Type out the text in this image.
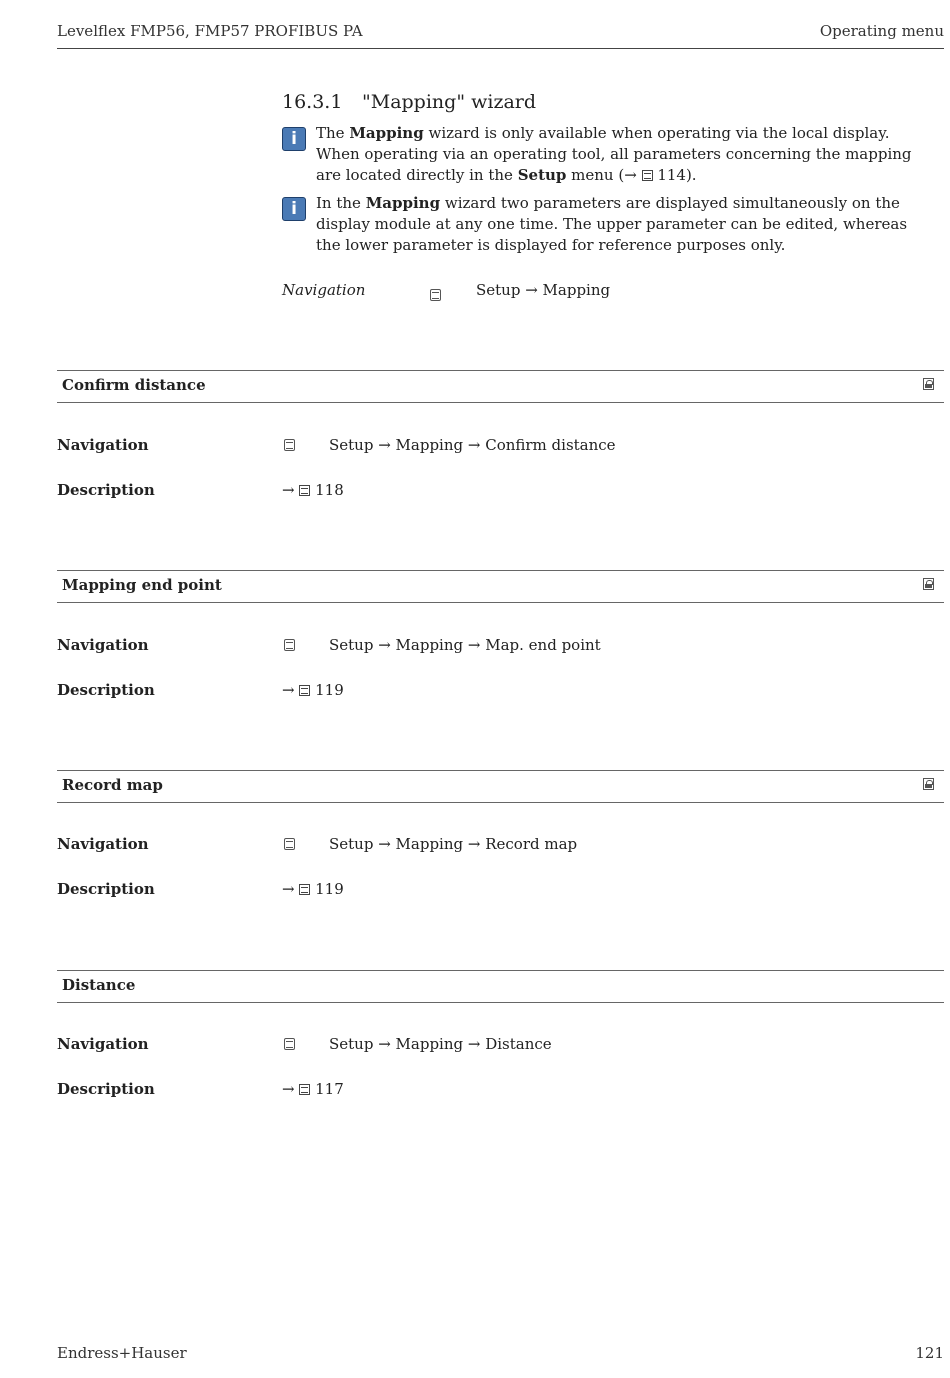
Levelflex FMP56, FMP57 PROFIBUS PA	Operating menu
16.3.1 "Mapping" wizard
i	The Mapping wizard is only available when operating via the local display. When operating via an operating tool, all parameters concerning the mapping are located directly in the Setup menu (→  114).
i	In the Mapping wizard two parameters are displayed simultaneously on the display module at any one time. The upper parameter can be edited, whereas the lower parameter is displayed for reference purposes only.
Navigation	Setup → Mapping
Confirm distance
Navigation	Setup → Mapping → Confirm distance
Description	→  118
Mapping end point
Navigation	Setup → Mapping → Map. end point
Description	→  119
Record map
Navigation	Setup → Mapping → Record map
Description	→  119
Distance
Navigation	Setup → Mapping → Distance
Description	→  117
Endress+Hauser	121
